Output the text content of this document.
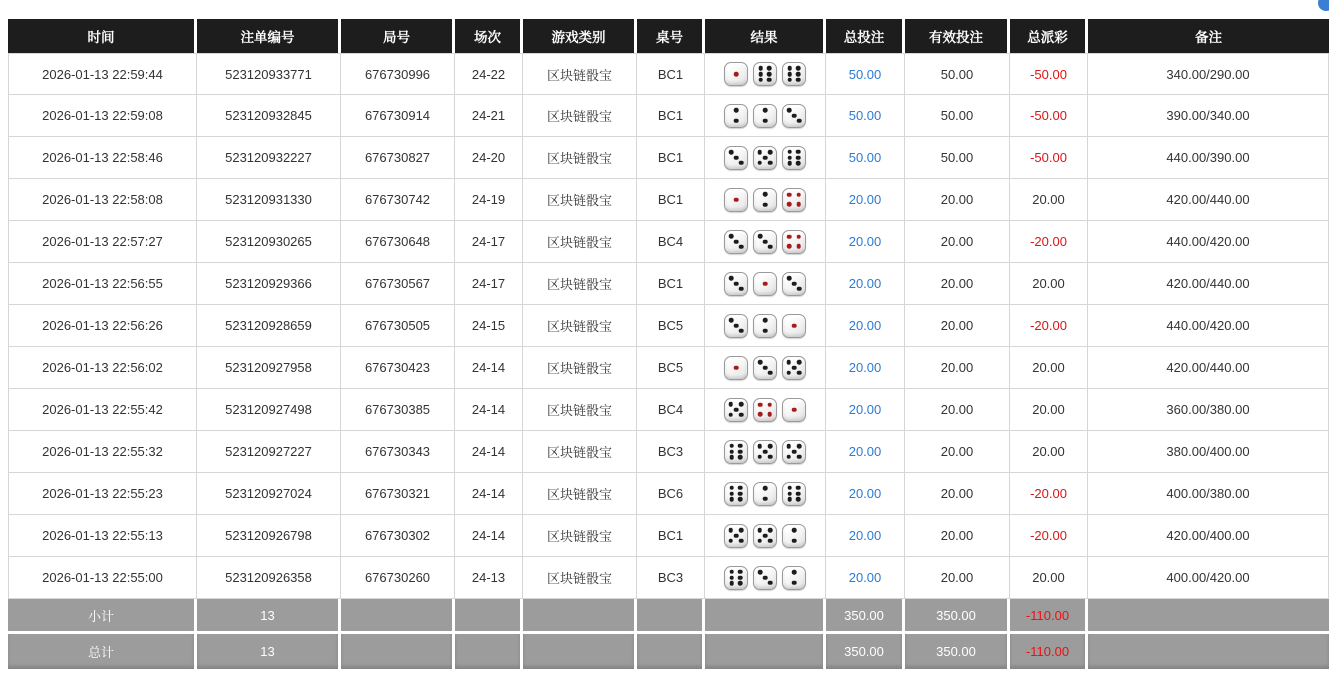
时间	注单编号	局号	场次	游戏类别	桌号	结果	总投注	有效投注	总派彩	备注
2026-01-13 22:59:44	523120933771	676730996	24-22	区块链骰宝	BC1		50.00	50.00	-50.00	340.00/290.00
2026-01-13 22:59:08	523120932845	676730914	24-21	区块链骰宝	BC1		50.00	50.00	-50.00	390.00/340.00
2026-01-13 22:58:46	523120932227	676730827	24-20	区块链骰宝	BC1		50.00	50.00	-50.00	440.00/390.00
2026-01-13 22:58:08	523120931330	676730742	24-19	区块链骰宝	BC1		20.00	20.00	20.00	420.00/440.00
2026-01-13 22:57:27	523120930265	676730648	24-17	区块链骰宝	BC4		20.00	20.00	-20.00	440.00/420.00
2026-01-13 22:56:55	523120929366	676730567	24-17	区块链骰宝	BC1		20.00	20.00	20.00	420.00/440.00
2026-01-13 22:56:26	523120928659	676730505	24-15	区块链骰宝	BC5		20.00	20.00	-20.00	440.00/420.00
2026-01-13 22:56:02	523120927958	676730423	24-14	区块链骰宝	BC5		20.00	20.00	20.00	420.00/440.00
2026-01-13 22:55:42	523120927498	676730385	24-14	区块链骰宝	BC4		20.00	20.00	20.00	360.00/380.00
2026-01-13 22:55:32	523120927227	676730343	24-14	区块链骰宝	BC3		20.00	20.00	20.00	380.00/400.00
2026-01-13 22:55:23	523120927024	676730321	24-14	区块链骰宝	BC6		20.00	20.00	-20.00	400.00/380.00
2026-01-13 22:55:13	523120926798	676730302	24-14	区块链骰宝	BC1		20.00	20.00	-20.00	420.00/400.00
2026-01-13 22:55:00	523120926358	676730260	24-13	区块链骰宝	BC3		20.00	20.00	20.00	400.00/420.00
小计	13						350.00	350.00	-110.00	
总计	13						350.00	350.00	-110.00	
